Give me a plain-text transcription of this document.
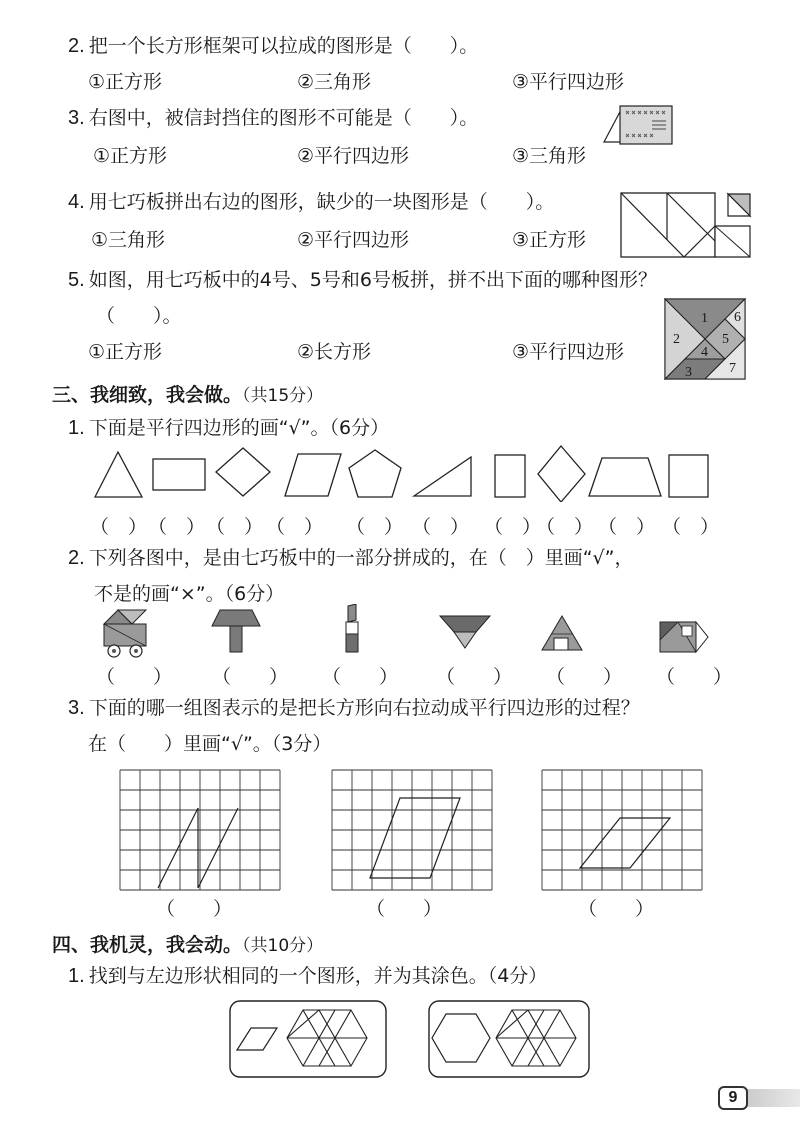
2. 把一个长方形框架可以拉成的图形是（　　）。
①正方形	②三角形	③平行四边形
3. 右图中，被信封挡住的图形不可能是（　　）。
①正方形	②平行四边形	③三角形
4. 用七巧板拼出右边的图形，缺少的一块图形是（　　）。
①三角形	②平行四边形	③正方形
5. 如图，用七巧板中的4号、5号和6号板拼，拼不出下面的哪种图形？
（　　）。
①正方形	②长方形	③平行四边形
1
2
3
4
5
6
7
三、我细致，我会做。（共15分）
1. 下面是平行四边形的画“√”。（6分）
（　） （　） （　） （　） （　） （　） （　）
（　） （　） （　）
2. 下列各图中，是由七巧板中的一部分拼成的，在（　）里画“√”，
不是的画“×”。（6分）
（　　） （　　） （　　） （　　） （　　） （　　）
3. 下面的哪一组图表示的是把长方形向右拉动成平行四边形的过程？
在（　　）里画“√”。（3分）
（　　）	（　　）	（　　）
四、我机灵，我会动。（共10分）
1. 找到与左边形状相同的一个图形，并为其涂色。（4分）
9
